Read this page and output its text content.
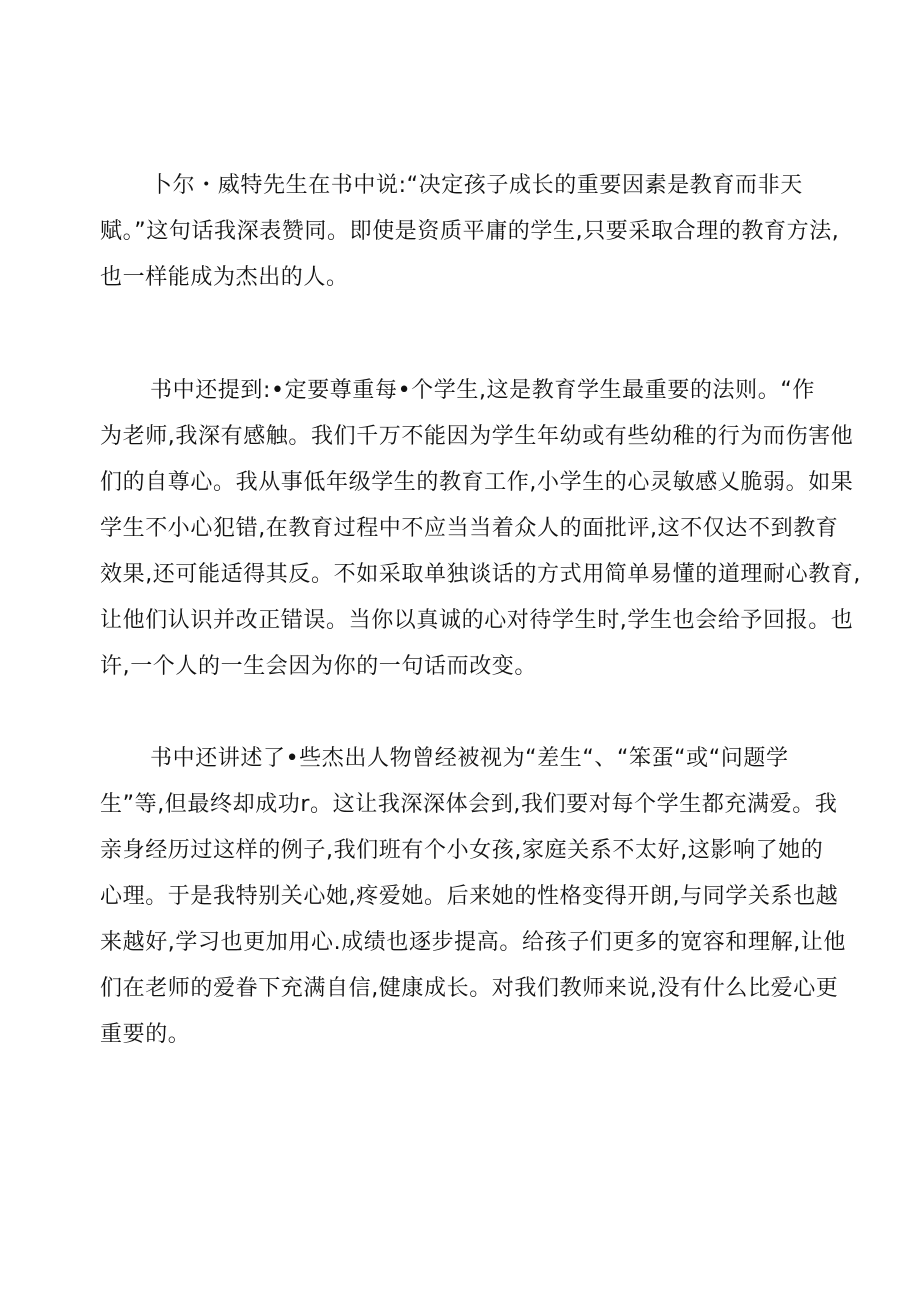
卜尔・威特先生在书中说:“决定孩子成长的重要因素是教育而非天
赋。”这句话我深表赞同。即使是资质平庸的学生,只要采取合理的教育方法,
也一样能成为杰出的人。

书中还提到:•定要尊重每•个学生,这是教育学生最重要的法则。“作
为老师,我深有感触。我们千万不能因为学生年幼或有些幼稚的行为而伤害他
们的自尊心。我从事低年级学生的教育工作,小学生的心灵敏感乂脆弱。如果
学生不小心犯错,在教育过程中不应当当着众人的面批评,这不仅达不到教育
效果,还可能适得其反。不如采取单独谈话的方式用简单易懂的道理耐心教育,
让他们认识并改正错误。当你以真诚的心对待学生时,学生也会给予回报。也
许,一个人的一生会因为你的一句话而改变。

书中还讲述了•些杰出人物曾经被视为“差生“、“笨蛋“或“问题学
生”等,但最终却成功r。这让我深深体会到,我们要对每个学生都充满爱。我
亲身经历过这样的例子,我们班有个小女孩,家庭关系不太好,这影响了她的
心理。于是我特别关心她,疼爱她。后来她的性格变得开朗,与同学关系也越
来越好,学习也更加用心.成绩也逐步提高。给孩子们更多的宽容和理解,让他
们在老师的爱眷下充满自信,健康成长。对我们教师来说,没有什么比爱心更
重要的。
